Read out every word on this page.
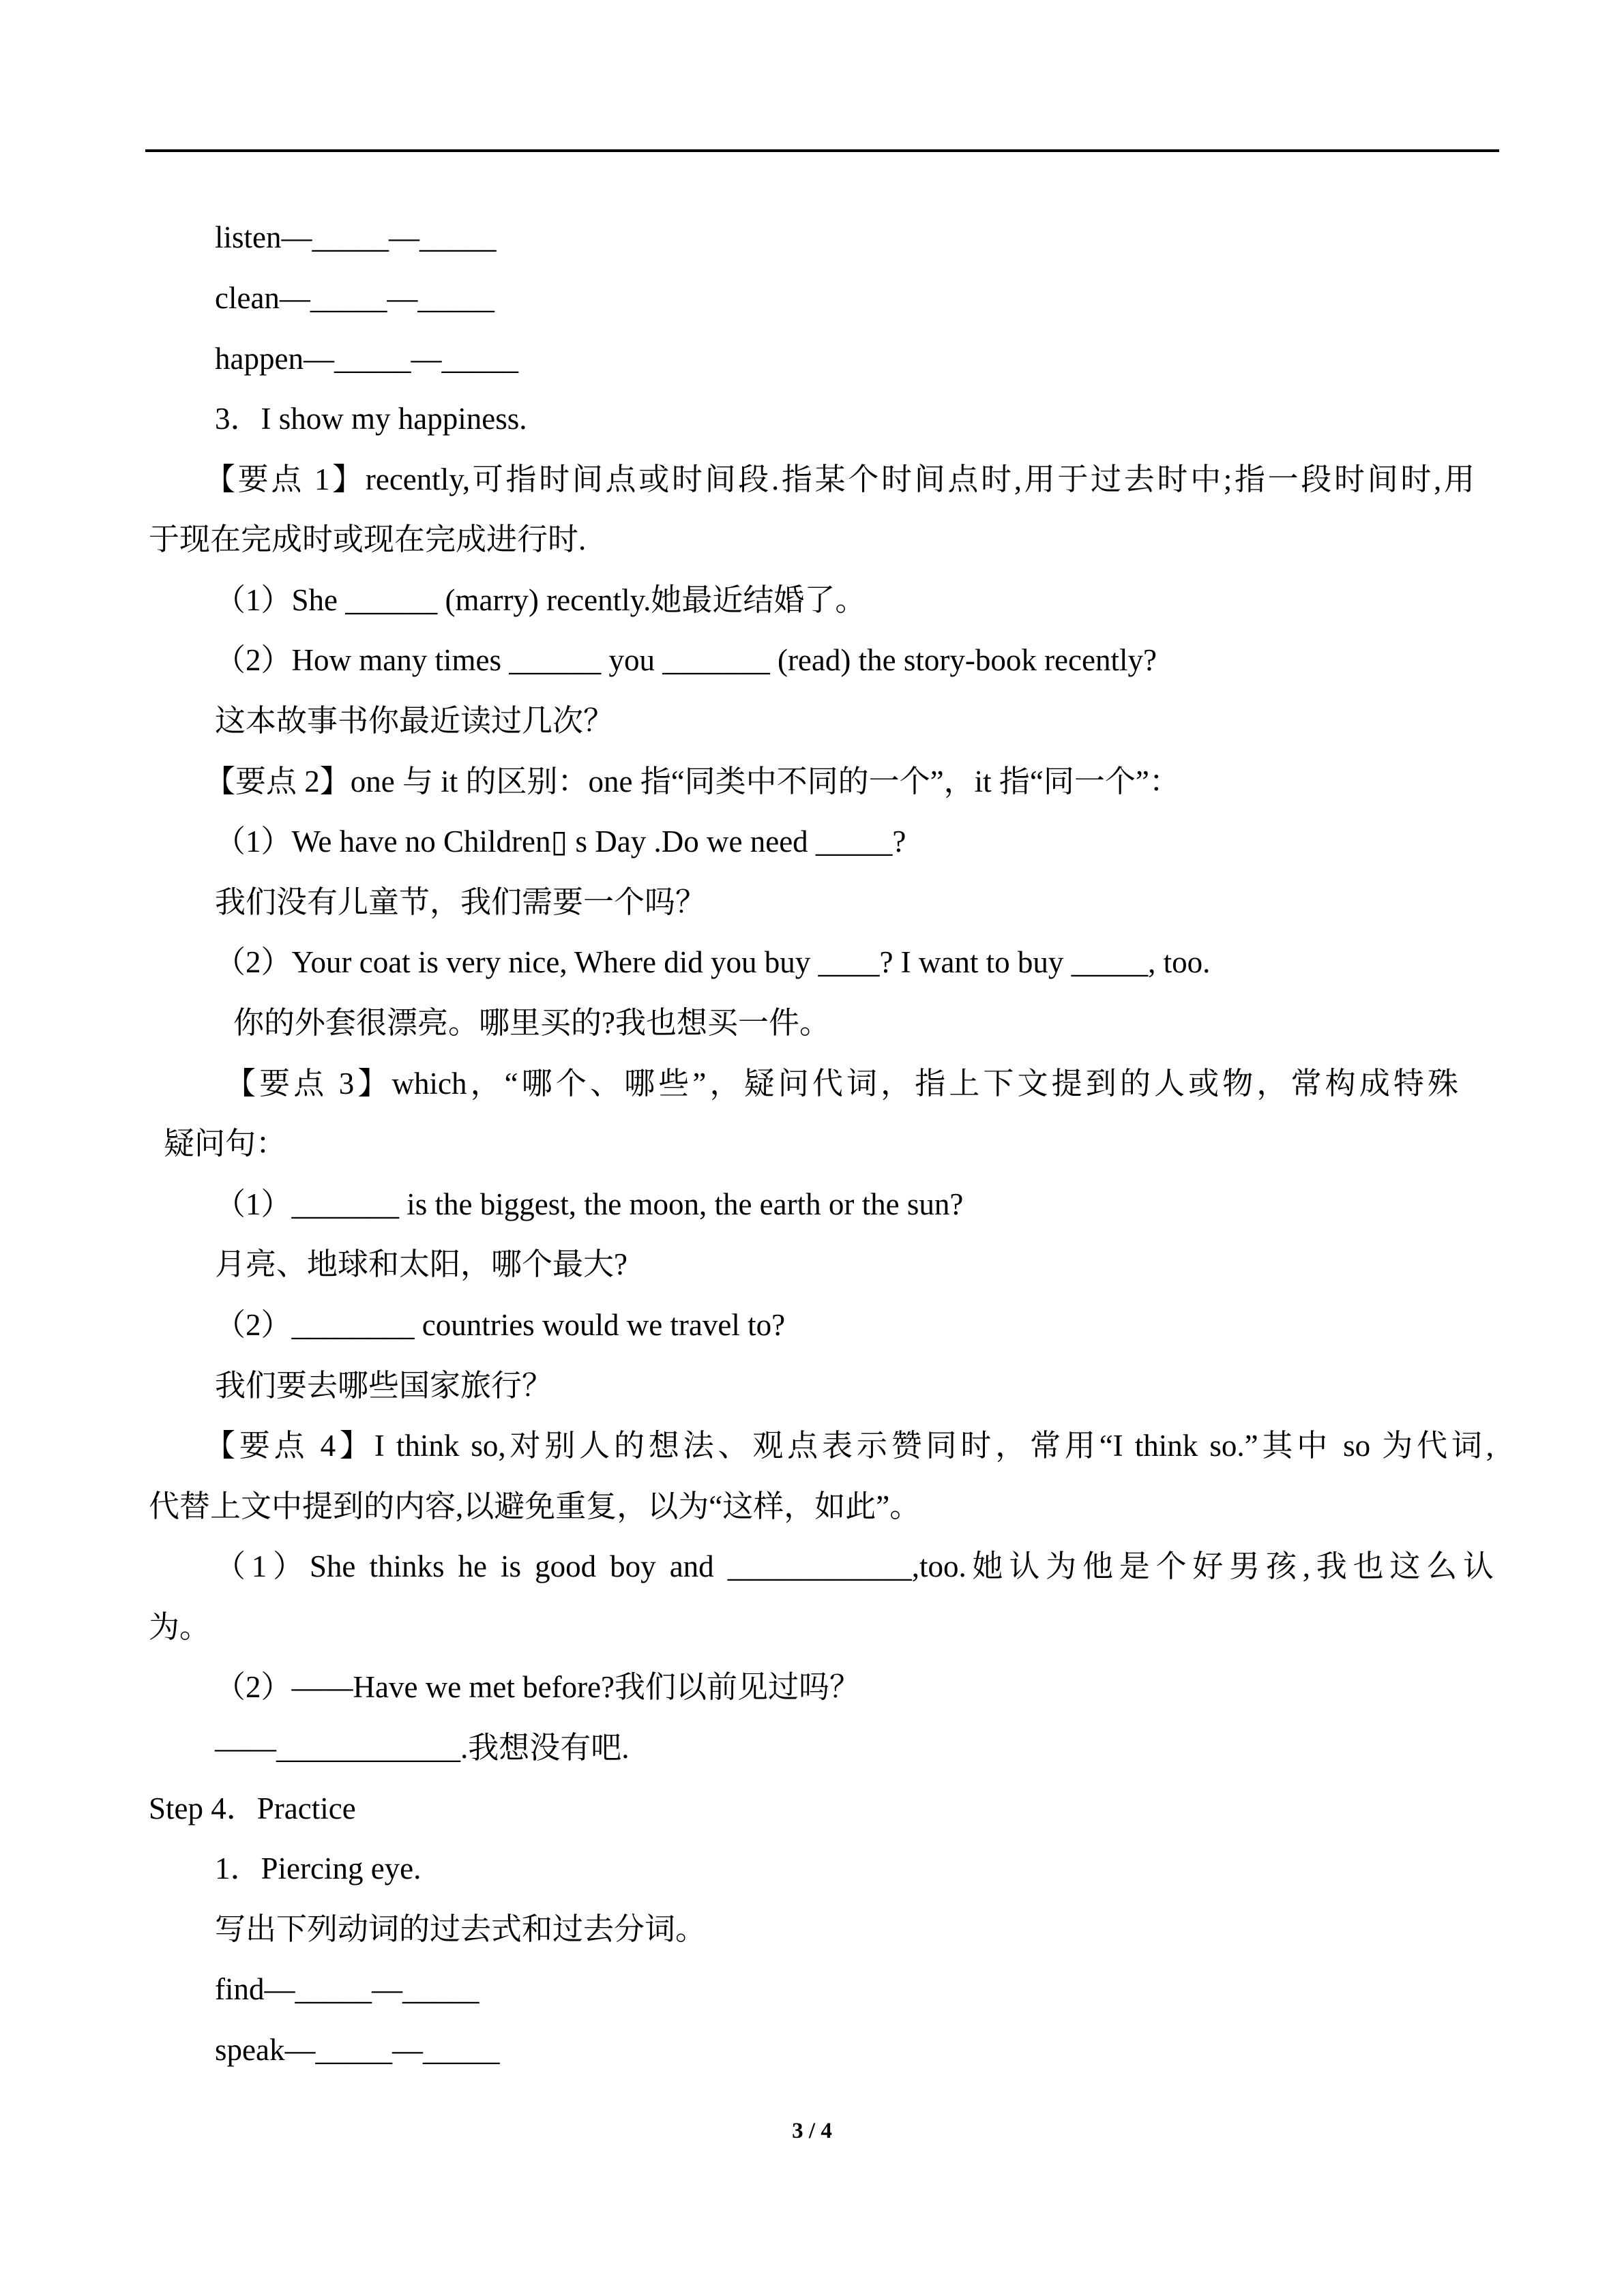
listen—_____—_____
clean—_____—_____
happen—_____—_____
3．I show my happiness.
【要点 1】recently,可指时间点或时间段.指某个时间点时,用于过去时中;指一段时间时,用
于现在完成时或现在完成进行时.
（1）She ______ (marry) recently.她最近结婚了。
（2）How many times ______ you _______ (read) the story-book recently?
这本故事书你最近读过几次？
【要点 2】one 与 it 的区别：one 指“同类中不同的一个”，it 指“同一个”：
（1）We have no Children▯ s Day .Do we need _____?
我们没有儿童节，我们需要一个吗？
（2）Your coat is very nice, Where did you buy ____? I want to buy _____, too.
你的外套很漂亮。哪里买的?我也想买一件。
【要点 3】which，“哪个、哪些”，疑问代词，指上下文提到的人或物，常构成特殊
疑问句：
（1）_______ is the biggest, the moon, the earth or the sun?
月亮、地球和太阳，哪个最大?
（2）________ countries would we travel to?
我们要去哪些国家旅行？
【要点 4】I think so,对别人的想法、观点表示赞同时，常用“I think so.”其中 so 为代词,
代替上文中提到的内容,以避免重复，以为“这样，如此”。
（1）She thinks he is good boy and ____________,too.她认为他是个好男孩,我也这么认
为。
（2）——Have we met before?我们以前见过吗？
——____________.我想没有吧.
Step 4．Practice
1．Piercing eye.
写出下列动词的过去式和过去分词。
find—_____—_____
speak—_____—_____
3 / 4
